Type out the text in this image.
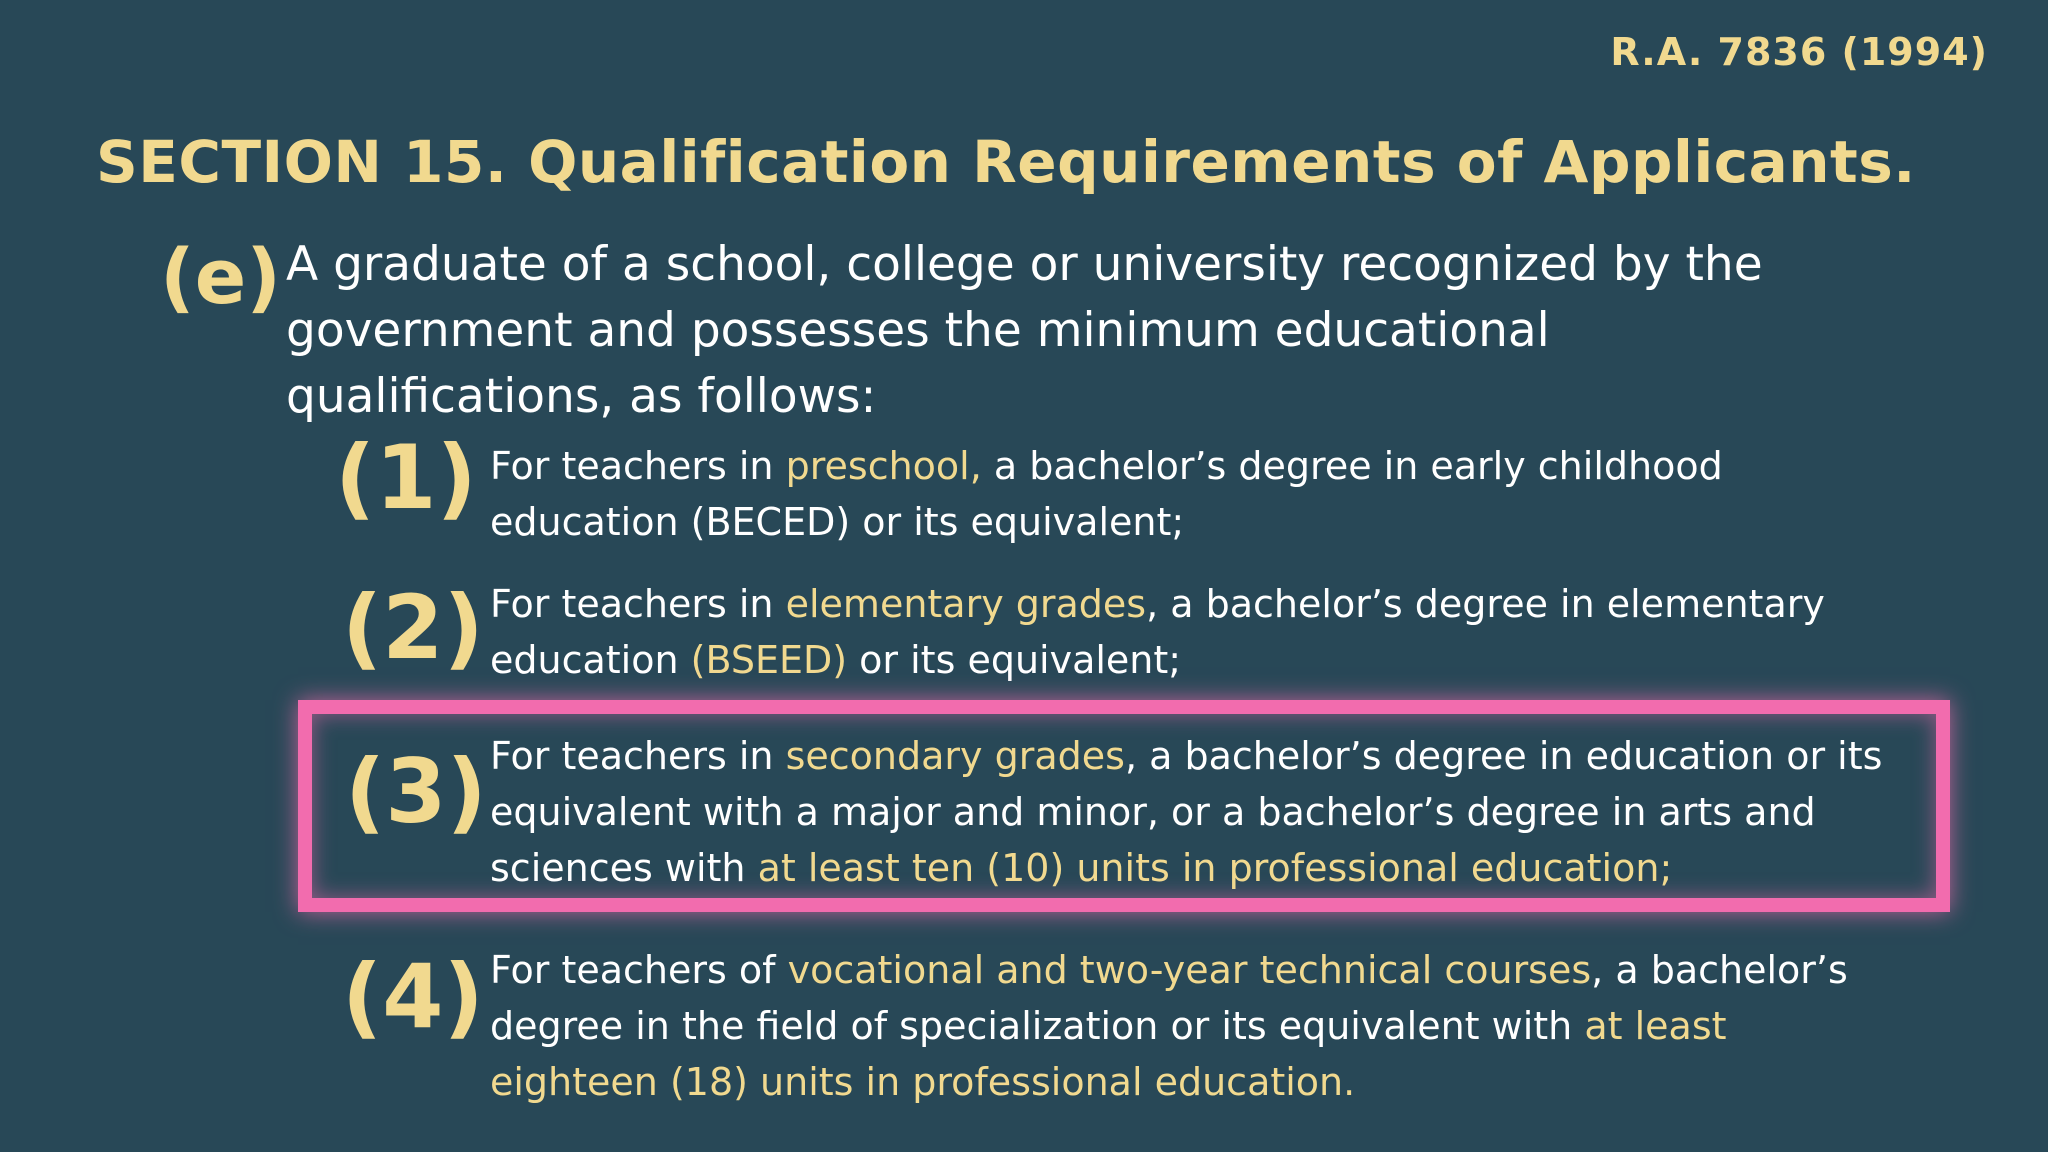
R.A. 7836 (1994)
SECTION 15. Qualification Requirements of Applicants.
(e) A graduate of a school, college or university recognized by the government and possesses the minimum educational qualifications, as follows:
(1) For teachers in preschool, a bachelor’s degree in early childhood education (BECED) or its equivalent;
(2) For teachers in elementary grades, a bachelor’s degree in elementary education (BSEED) or its equivalent;
(3) For teachers in secondary grades, a bachelor’s degree in education or its equivalent with a major and minor, or a bachelor’s degree in arts and sciences with at least ten (10) units in professional education;
(4) For teachers of vocational and two-year technical courses, a bachelor’s degree in the field of specialization or its equivalent with at least eighteen (18) units in professional education.
